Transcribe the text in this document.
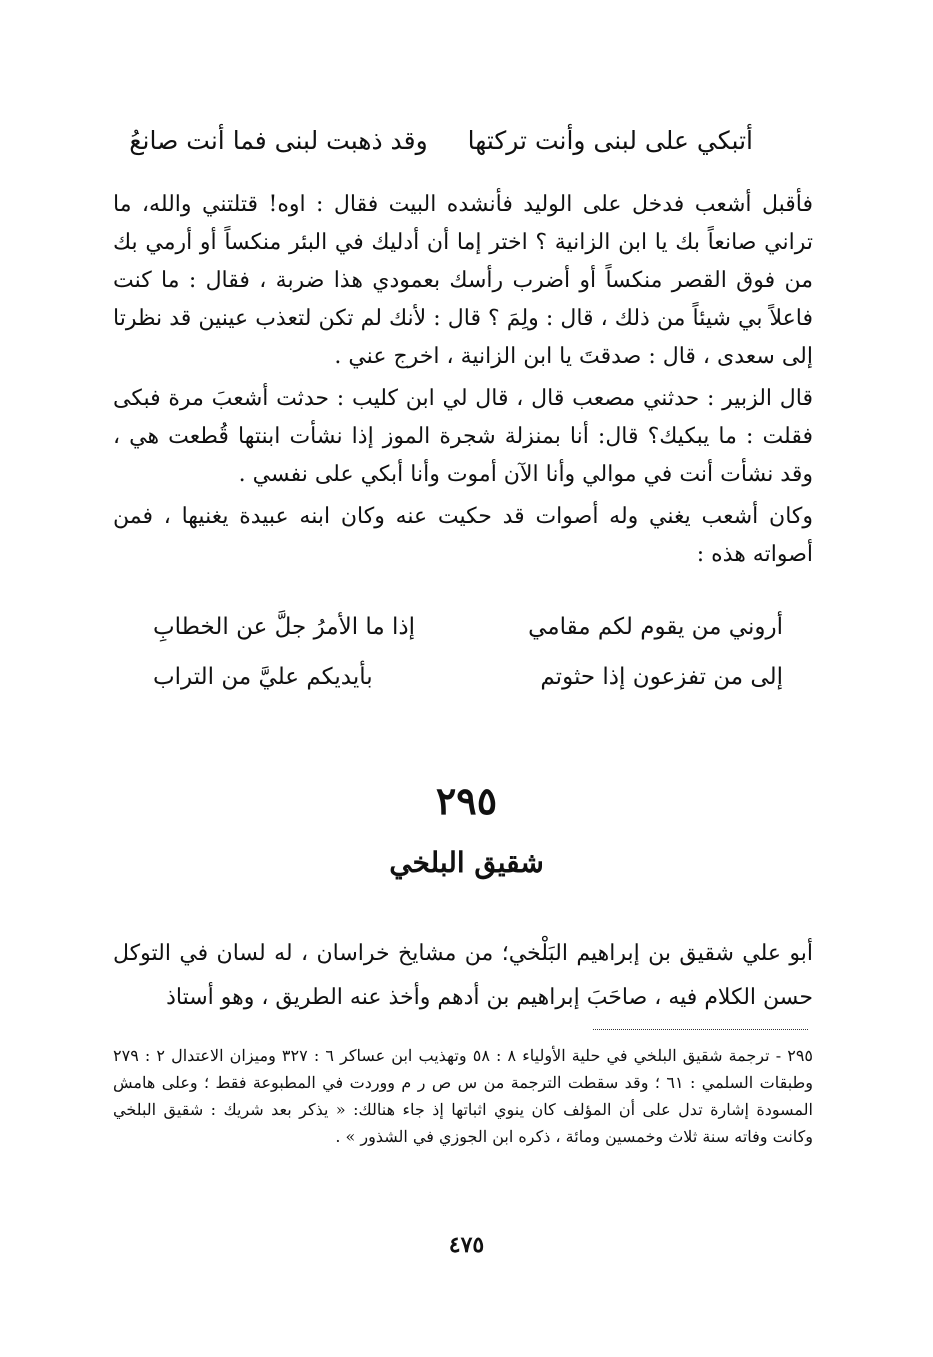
أتبكي على لبنى وأنت تركتهاوقد ذهبت لبنى فما أنت صانعُ

فأقبل أشعب فدخل على الوليد فأنشده البيت فقال : اوه! قتلتني والله، ما تراني صانعاً بك يا ابن الزانية ؟ اختر إما أن أدليك في البئر منكساً أو أرمي بك من فوق القصر منكساً أو أضرب رأسك بعمودي هذا ضربة ، فقال : ما كنت فاعلاً بي شيئاً من ذلك ، قال : ولِمَ ؟ قال : لأنك لم تكن لتعذب عينين قد نظرتا إلى سعدى ، قال : صدقتَ يا ابن الزانية ، اخرج عني .

قال الزبير : حدثني مصعب قال ، قال لي ابن كليب : حدثت أشعبَ مرة فبكى فقلت : ما يبكيك؟ قال: أنا بمنزلة شجرة الموز إذا نشأت ابنتها قُطعت هي ، وقد نشأت أنت في موالي وأنا الآن أموت وأنا أبكي على نفسي .

وكان أشعب يغني وله أصوات قد حكيت عنه وكان ابنه عبيدة يغنيها ، فمن أصواته هذه :

أروني من يقوم لكم مقامي
إذا ما الأمرُ جلَّ عن الخطابِ
إلى من تفزعون إذا حثوتم
بأيديكم عليَّ من التراب
٢٩٥
شقيق البلخي

أبو علي شقيق بن إبراهيم البَلْخي؛ من مشايخ خراسان ، له لسان في التوكل حسن الكلام فيه ، صاحَبَ إبراهيم بن أدهم وأخذ عنه الطريق ، وهو أستاذ

٢٩٥ - ترجمة شقيق البلخي في حلية الأولياء ٨ : ٥٨ وتهذيب ابن عساكر ٦ : ٣٢٧ وميزان الاعتدال ٢ : ٢٧٩ وطبقات السلمي : ٦١ ؛ وقد سقطت الترجمة من س ص ر م ووردت في المطبوعة فقط ؛ وعلى هامش المسودة إشارة تدل على أن المؤلف كان ينوي اثباتها إذ جاء هنالك: « يذكر بعد شريك : شقيق البلخي وكانت وفاته سنة ثلاث وخمسين ومائة ، ذكره ابن الجوزي في الشذور » .

٤٧٥
